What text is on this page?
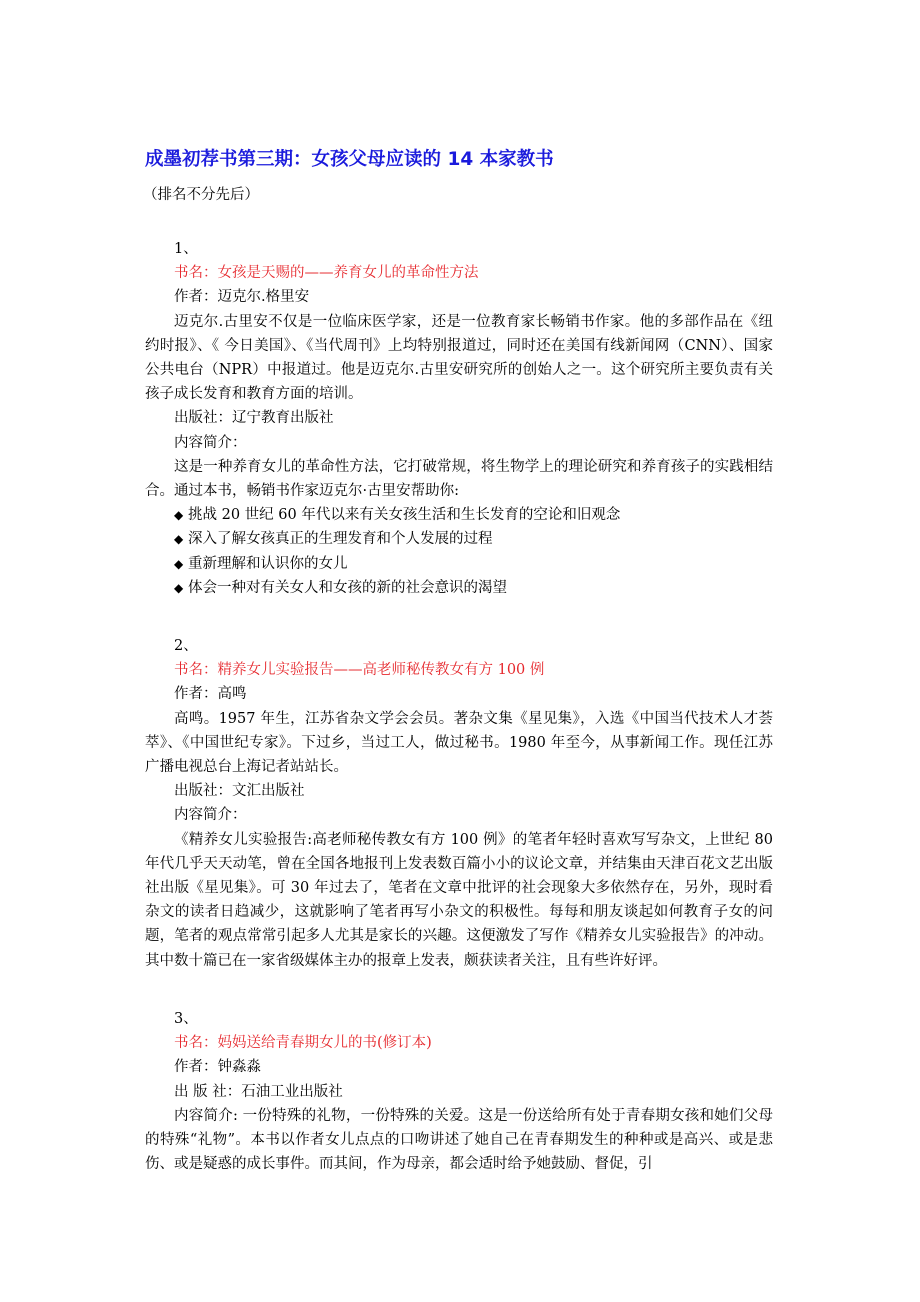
成墨初荐书第三期：女孩父母应读的 14 本家教书
（排名不分先后）
1、
书名：女孩是天赐的——养育女儿的革命性方法
作者：迈克尔.格里安

迈克尔.古里安不仅是一位临床医学家，还是一位教育家长畅销书作家。他的多部作品在《纽约时报》、《 今日美国》、《当代周刊》上均特别报道过，同时还在美国有线新闻网（CNN）、国家公共电台（NPR）中报道过。他是迈克尔.古里安研究所的创始人之一。这个研究所主要负责有关孩子成长发育和教育方面的培训。

出版社：辽宁教育出版社
内容简介：

这是一种养育女儿的革命性方法，它打破常规，将生物学上的理论研究和养育孩子的实践相结合。通过本书，畅销书作家迈克尔·古里安帮助你:

◆ 挑战 20 世纪 60 年代以来有关女孩生活和生长发育的空论和旧观念
◆ 深入了解女孩真正的生理发育和个人发展的过程
◆ 重新理解和认识你的女儿
◆ 体会一种对有关女人和女孩的新的社会意识的渴望
2、
书名：精养女儿实验报告——高老师秘传教女有方 100 例
作者：高鸣

高鸣。1957 年生，江苏省杂文学会会员。著杂文集《星见集》，入选《中国当代技术人才荟萃》、《中国世纪专家》。下过乡，当过工人，做过秘书。1980 年至今，从事新闻工作。现任江苏广播电视总台上海记者站站长。

出版社：文汇出版社
内容简介：

《精养女儿实验报告:高老师秘传教女有方 100 例》的笔者年轻时喜欢写写杂文，上世纪 80 年代几乎天天动笔，曾在全国各地报刊上发表数百篇小小的议论文章，并结集由天津百花文艺出版社出版《星见集》。可 30 年过去了，笔者在文章中批评的社会现象大多依然存在，另外，现时看杂文的读者日趋减少，这就影响了笔者再写小杂文的积极性。每每和朋友谈起如何教育子女的问题，笔者的观点常常引起多人尤其是家长的兴趣。这便激发了写作《精养女儿实验报告》的冲动。其中数十篇已在一家省级媒体主办的报章上发表，颇获读者关注，且有些许好评。

3、
书名：妈妈送给青春期女儿的书(修订本)
作者：钟淼淼
出 版 社：石油工业出版社

内容简介: 一份特殊的礼物，一份特殊的关爱。这是一份送给所有处于青春期女孩和她们父母的特殊“礼物”。本书以作者女儿点点的口吻讲述了她自己在青春期发生的种种或是高兴、或是悲伤、或是疑惑的成长事件。而其间，作为母亲，都会适时给予她鼓励、督促，引
